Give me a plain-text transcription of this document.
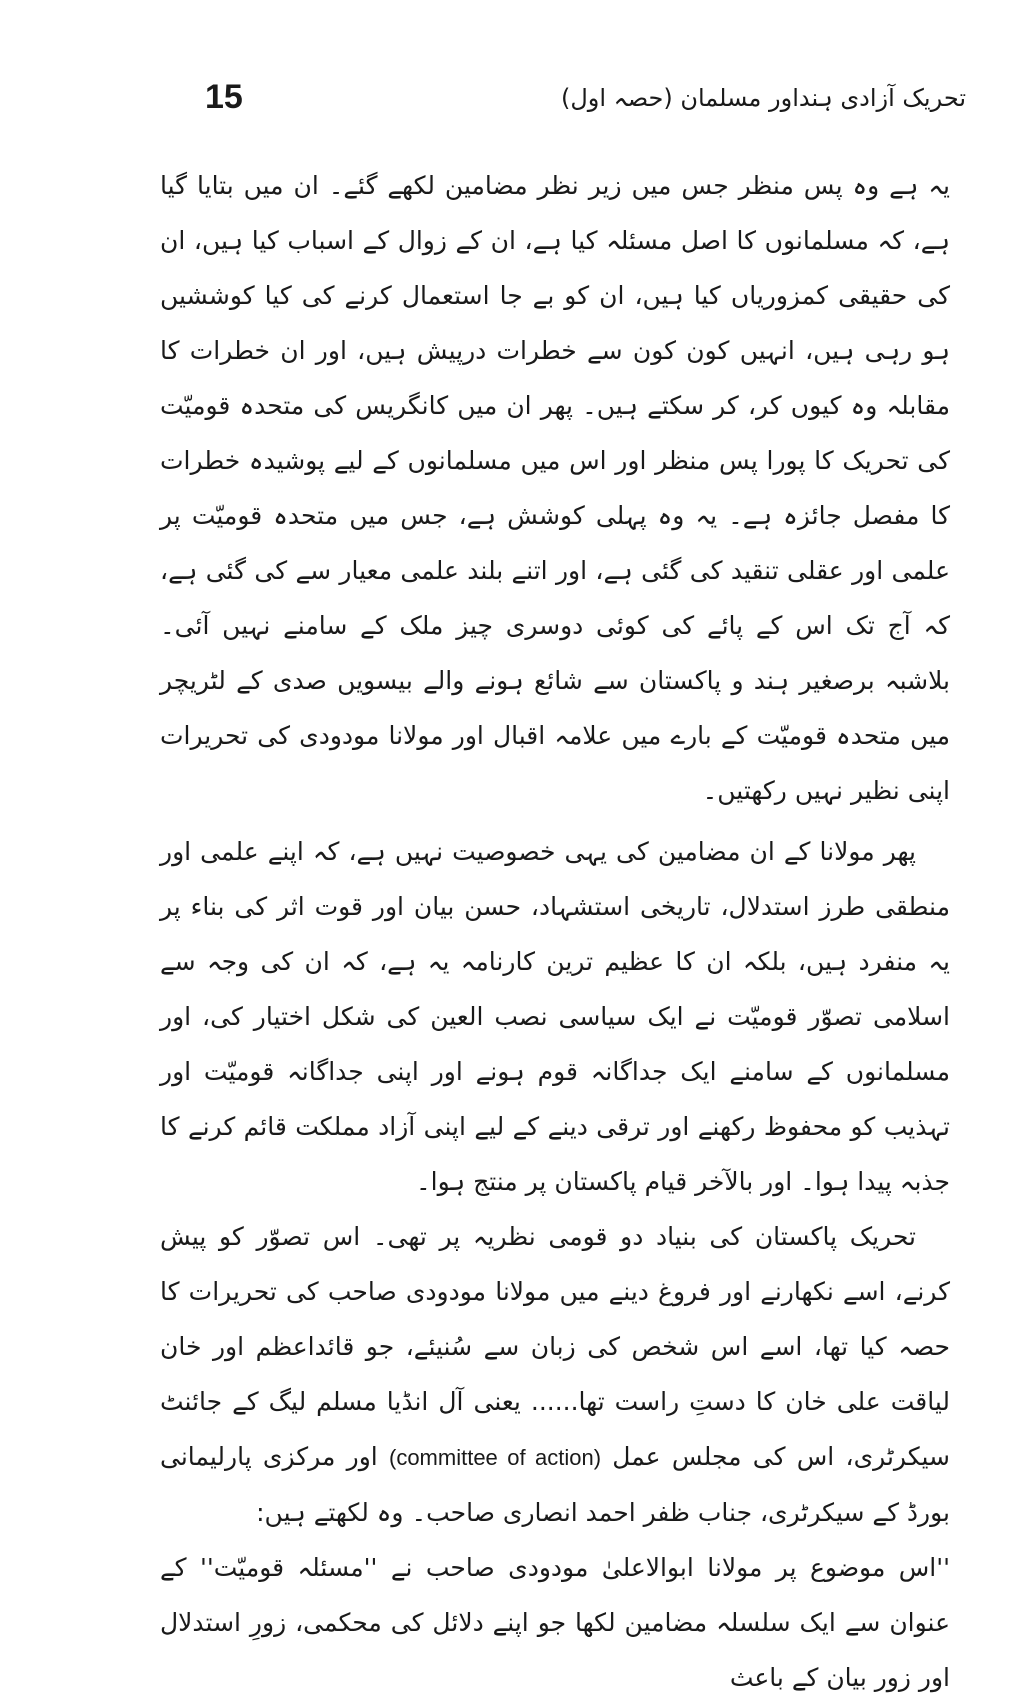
15	تحریک آزادی ہنداور مسلمان (حصہ اول)

یہ ہے وہ پس منظر جس میں زیر نظر مضامین لکھے گئے۔ ان میں بتایا گیا ہے، کہ مسلمانوں کا اصل مسئلہ کیا ہے، ان کے زوال کے اسباب کیا ہیں، ان کی حقیقی کمزوریاں کیا ہیں، ان کو بے جا استعمال کرنے کی کیا کوششیں ہو رہی ہیں، انہیں کون کون سے خطرات درپیش ہیں، اور ان خطرات کا مقابلہ وہ کیوں کر، کر سکتے ہیں۔ پھر ان میں کانگریس کی متحدہ قومیّت کی تحریک کا پورا پس منظر اور اس میں مسلمانوں کے لیے پوشیدہ خطرات کا مفصل جائزہ ہے۔ یہ وہ پہلی کوشش ہے، جس میں متحدہ قومیّت پر علمی اور عقلی تنقید کی گئی ہے، اور اتنے بلند علمی معیار سے کی گئی ہے، کہ آج تک اس کے پائے کی کوئی دوسری چیز ملک کے سامنے نہیں آئی۔ بلاشبہ برصغیر ہند و پاکستان سے شائع ہونے والے بیسویں صدی کے لٹریچر میں متحدہ قومیّت کے بارے میں علامہ اقبال اور مولانا مودودی کی تحریرات اپنی نظیر نہیں رکھتیں۔

پھر مولانا کے ان مضامین کی یہی خصوصیت نہیں ہے، کہ اپنے علمی اور منطقی طرز استدلال، تاریخی استشہاد، حسن بیان اور قوت اثر کی بناء پر یہ منفرد ہیں، بلکہ ان کا عظیم ترین کارنامہ یہ ہے، کہ ان کی وجہ سے اسلامی تصوّر قومیّت نے ایک سیاسی نصب العین کی شکل اختیار کی، اور مسلمانوں کے سامنے ایک جداگانہ قوم ہونے اور اپنی جداگانہ قومیّت اور تہذیب کو محفوظ رکھنے اور ترقی دینے کے لیے اپنی آزاد مملکت قائم کرنے کا جذبہ پیدا ہوا۔ اور بالآخر قیام پاکستان پر منتج ہوا۔

تحریک پاکستان کی بنیاد دو قومی نظریہ پر تھی۔ اس تصوّر کو پیش کرنے، اسے نکھارنے اور فروغ دینے میں مولانا مودودی صاحب کی تحریرات کا حصہ کیا تھا، اسے اس شخص کی زبان سے سُنیئے، جو قائداعظم اور خان لیاقت علی خان کا دستِ راست تھا...... یعنی آل انڈیا مسلم لیگ کے جائنٹ سیکرٹری، اس کی مجلس عمل (committee of action) اور مرکزی پارلیمانی بورڈ کے سیکرٹری، جناب ظفر احمد انصاری صاحب۔ وہ لکھتے ہیں:

''اس موضوع پر مولانا ابوالاعلیٰ مودودی صاحب نے ''مسئلہ قومیّت'' کے عنوان سے ایک سلسلہ مضامین لکھا جو اپنے دلائل کی محکمی، زورِ استدلال اور زور بیان کے باعث
